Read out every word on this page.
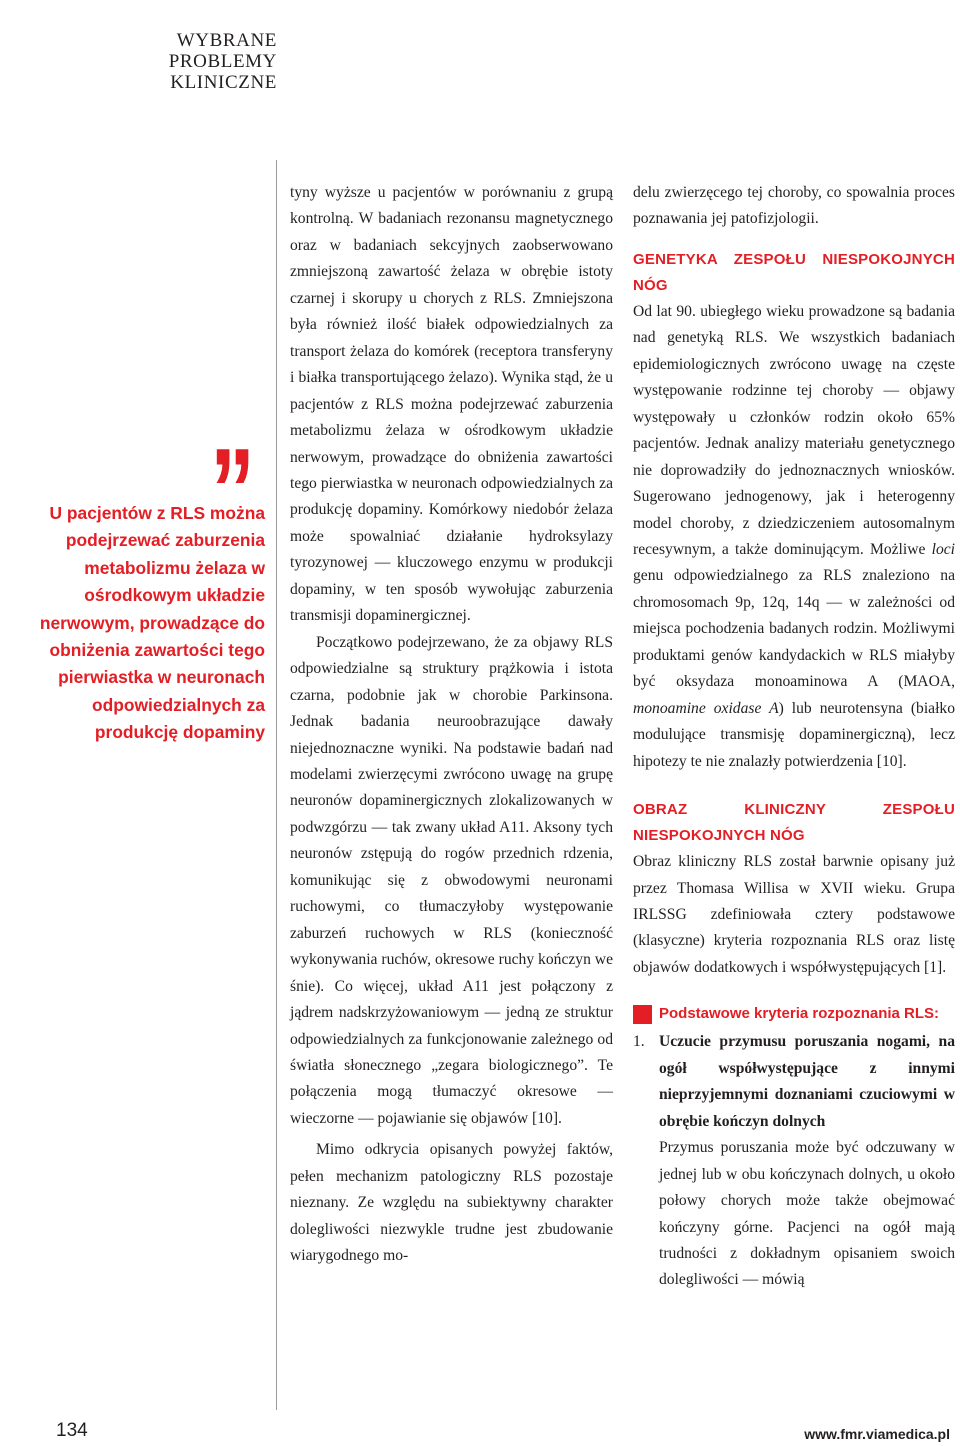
WYBRANE
PROBLEMY
KLINICZNE
”
U pacjentów z RLS można podejrzewać zaburzenia metabolizmu żelaza w ośrodkowym układzie nerwowym, prowadzące do obniżenia zawartości tego pierwiastka w neuronach odpowiedzialnych za produkcję dopaminy

tyny wyższe u pacjentów w porównaniu z grupą kontrolną. W badaniach rezonansu magnetycznego oraz w badaniach sekcyjnych zaobserwowano zmniejszoną zawartość żelaza w obrębie istoty czarnej i skorupy u chorych z RLS. Zmniejszona była również ilość białek odpowiedzialnych za transport żelaza do komórek (receptora transferyny i białka transportującego żelazo). Wynika stąd, że u pacjentów z RLS można podejrzewać zaburzenia metabolizmu żelaza w ośrodkowym układzie nerwowym, prowadzące do obniżenia zawartości tego pierwiastka w neuronach odpowiedzialnych za produkcję dopaminy. Komórkowy niedobór żelaza może spowalniać działanie hydroksylazy tyrozynowej — kluczowego enzymu w produkcji dopaminy, w ten sposób wywołując zaburzenia transmisji dopaminergicznej.

Początkowo podejrzewano, że za objawy RLS odpowiedzialne są struktury prążkowia i istota czarna, podobnie jak w chorobie Parkinsona. Jednak badania neuroobrazujące dawały niejednoznaczne wyniki. Na podstawie badań nad modelami zwierzęcymi zwrócono uwagę na grupę neuronów dopaminergicznych zlokalizowanych w podwzgórzu — tak zwany układ A11. Aksony tych neuronów zstępują do rogów przednich rdzenia, komunikując się z obwodowymi neuronami ruchowymi, co tłumaczyłoby występowanie zaburzeń ruchowych w RLS (konieczność wykonywania ruchów, okresowe ruchy kończyn we śnie). Co więcej, układ A11 jest połączony z jądrem nadskrzyżowaniowym — jedną ze struktur odpowiedzialnych za funkcjonowanie zależnego od światła słonecznego „zegara biologicznego”. Te połączenia mogą tłumaczyć okresowe — wieczorne — pojawianie się objawów [10].

Mimo odkrycia opisanych powyżej faktów, pełen mechanizm patologiczny RLS pozostaje nieznany. Ze względu na subiektywny charakter dolegliwości niezwykle trudne jest zbudowanie wiarygodnego mo-

delu zwierzęcego tej choroby, co spowalnia proces poznawania jej patofizjologii.

GENETYKA ZESPOŁU NIESPOKOJNYCH NÓG

Od lat 90. ubiegłego wieku prowadzone są badania nad genetyką RLS. We wszystkich badaniach epidemiologicznych zwrócono uwagę na częste występowanie rodzinne tej choroby — objawy występowały u członków rodzin około 65% pacjentów. Jednak analizy materiału genetycznego nie doprowadziły do jednoznacznych wniosków. Sugerowano jednogenowy, jak i heterogenny model choroby, z dziedziczeniem autosomalnym recesywnym, a także dominującym. Możliwe loci genu odpowiedzialnego za RLS znaleziono na chromosomach 9p, 12q, 14q — w zależności od miejsca pochodzenia badanych rodzin. Możliwymi produktami genów kandydackich w RLS miałyby być oksydaza monoaminowa A (MAOA, monoamine oxidase A) lub neurotensyna (białko modulujące transmisję dopaminergiczną), lecz hipotezy te nie znalazły potwierdzenia [10].

OBRAZ KLINICZNY ZESPOŁU NIESPOKOJNYCH NÓG

Obraz kliniczny RLS został barwnie opisany już przez Thomasa Willisa w XVII wieku. Grupa IRLSSG zdefiniowała cztery podstawowe (klasyczne) kryteria rozpoznania RLS oraz listę objawów dodatkowych i współwystępujących [1].

Podstawowe kryteria rozpoznania RLS:
1. Uczucie przymusu poruszania nogami, na ogół współwystępujące z innymi nieprzyjemnymi doznaniami czuciowymi w obrębie kończyn dolnych
Przymus poruszania może być odczuwany w jednej lub w obu kończynach dolnych, u około połowy chorych może także obejmować kończyny górne. Pacjenci na ogół mają trudności z dokładnym opisaniem swoich dolegliwości — mówią
134	www.fmr.viamedica.pl
